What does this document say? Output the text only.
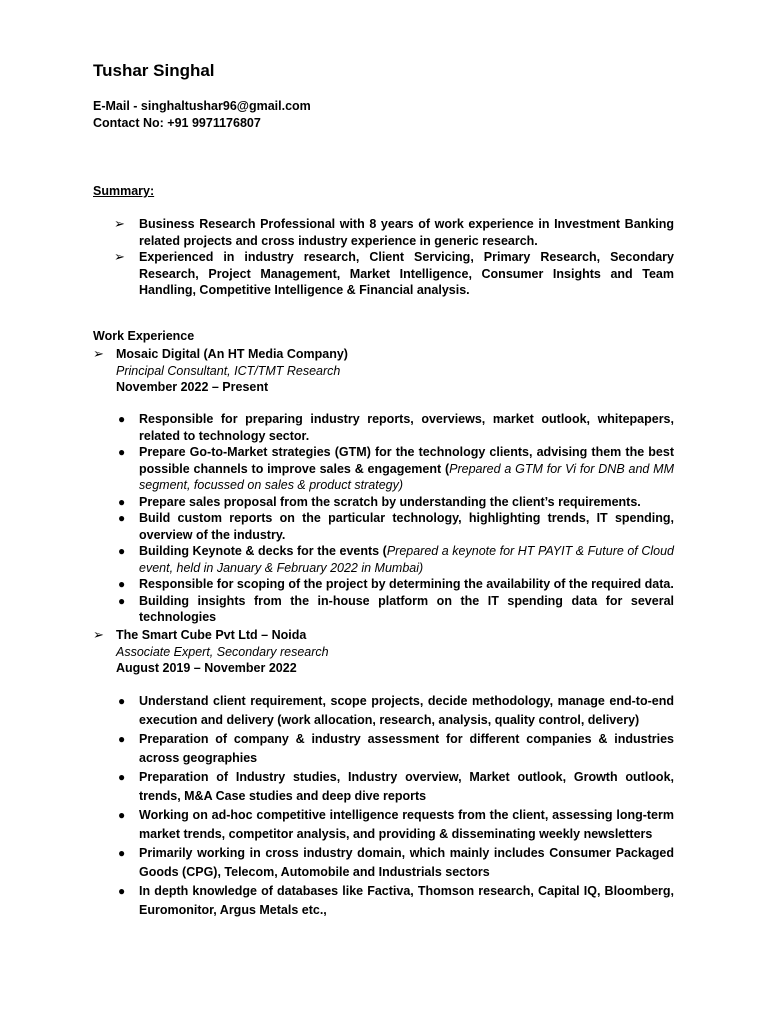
Tushar Singhal
E-Mail - singhaltushar96@gmail.com
Contact No: +91 9971176807
Summary:
➢ Business Research Professional with 8 years of work experience in Investment Banking related projects and cross industry experience in generic research.
➢ Experienced in industry research, Client Servicing, Primary Research, Secondary Research, Project Management, Market Intelligence, Consumer Insights and Team Handling, Competitive Intelligence & Financial analysis.
Work Experience
➢ Mosaic Digital (An HT Media Company)
Principal Consultant, ICT/TMT Research
November 2022 – Present
● Responsible for preparing industry reports, overviews, market outlook, whitepapers, related to technology sector.
● Prepare Go-to-Market strategies (GTM) for the technology clients, advising them the best possible channels to improve sales & engagement (Prepared a GTM for Vi for DNB and MM segment, focussed on sales & product strategy)
● Prepare sales proposal from the scratch by understanding the client’s requirements.
● Build custom reports on the particular technology, highlighting trends, IT spending, overview of the industry.
● Building Keynote & decks for the events (Prepared a keynote for HT PAYIT & Future of Cloud event, held in January & February 2022 in Mumbai)
● Responsible for scoping of the project by determining the availability of the required data.
● Building insights from the in-house platform on the IT spending data for several technologies
➢ The Smart Cube Pvt Ltd – Noida
Associate Expert, Secondary research
August 2019 – November 2022
● Understand client requirement, scope projects, decide methodology, manage end-to-end execution and delivery (work allocation, research, analysis, quality control, delivery)
● Preparation of company & industry assessment for different companies & industries across geographies
● Preparation of Industry studies, Industry overview, Market outlook, Growth outlook, trends, M&A Case studies and deep dive reports
● Working on ad-hoc competitive intelligence requests from the client, assessing long-term market trends, competitor analysis, and providing & disseminating weekly newsletters
● Primarily working in cross industry domain, which mainly includes Consumer Packaged Goods (CPG), Telecom, Automobile and Industrials sectors
● In depth knowledge of databases like Factiva, Thomson research, Capital IQ, Bloomberg, Euromonitor, Argus Metals etc.,
